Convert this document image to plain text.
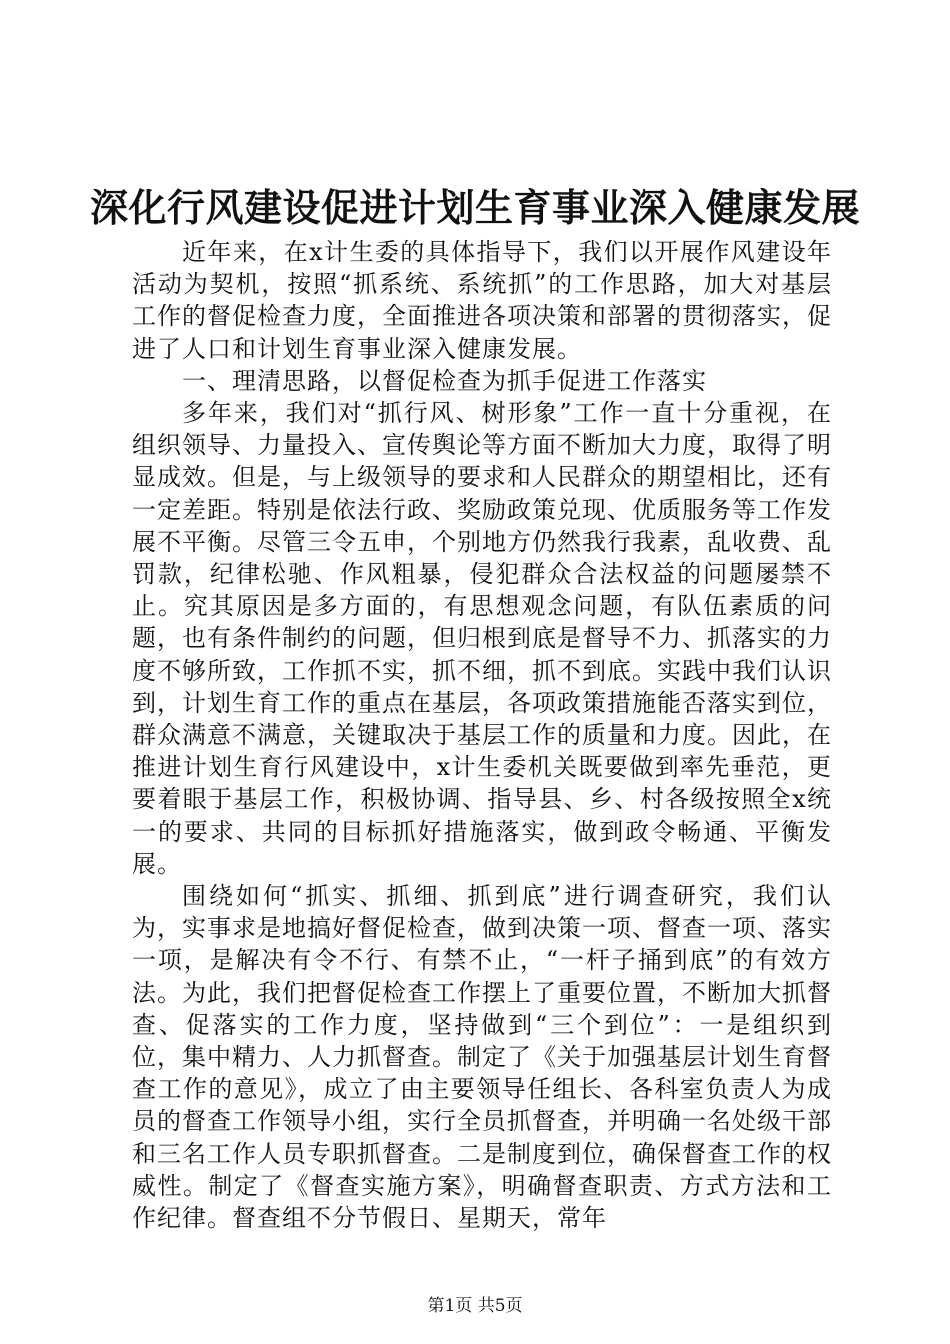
深化行风建设促进计划生育事业深入健康发展

近年来，在x计生委的具体指导下，我们以开展作风建设年活动为契机，按照“抓系统、系统抓”的工作思路，加大对基层工作的督促检查力度，全面推进各项决策和部署的贯彻落实，促进了人口和计划生育事业深入健康发展。

一、理清思路，以督促检查为抓手促进工作落实

多年来，我们对“抓行风、树形象”工作一直十分重视，在组织领导、力量投入、宣传舆论等方面不断加大力度，取得了明显成效。但是，与上级领导的要求和人民群众的期望相比，还有一定差距。特别是依法行政、奖励政策兑现、优质服务等工作发展不平衡。尽管三令五申，个别地方仍然我行我素，乱收费、乱罚款，纪律松驰、作风粗暴，侵犯群众合法权益的问题屡禁不止。究其原因是多方面的，有思想观念问题，有队伍素质的问题，也有条件制约的问题，但归根到底是督导不力、抓落实的力度不够所致，工作抓不实，抓不细，抓不到底。实践中我们认识到，计划生育工作的重点在基层，各项政策措施能否落实到位，群众满意不满意，关键取决于基层工作的质量和力度。因此，在推进计划生育行风建设中，x计生委机关既要做到率先垂范，更要着眼于基层工作，积极协调、指导县、乡、村各级按照全x统一的要求、共同的目标抓好措施落实，做到政令畅通、平衡发展。

围绕如何“抓实、抓细、抓到底”进行调查研究，我们认为，实事求是地搞好督促检查，做到决策一项、督查一项、落实一项，是解决有令不行、有禁不止，“一杆子捅到底”的有效方法。为此，我们把督促检查工作摆上了重要位置，不断加大抓督查、促落实的工作力度，坚持做到“三个到位”：一是组织到位，集中精力、人力抓督查。制定了《关于加强基层计划生育督查工作的意见》，成立了由主要领导任组长、各科室负责人为成员的督查工作领导小组，实行全员抓督查，并明确一名处级干部和三名工作人员专职抓督查。二是制度到位，确保督查工作的权威性。制定了《督查实施方案》，明确督查职责、方式方法和工作纪律。督查组不分节假日、星期天，常年

第1页 共5页
